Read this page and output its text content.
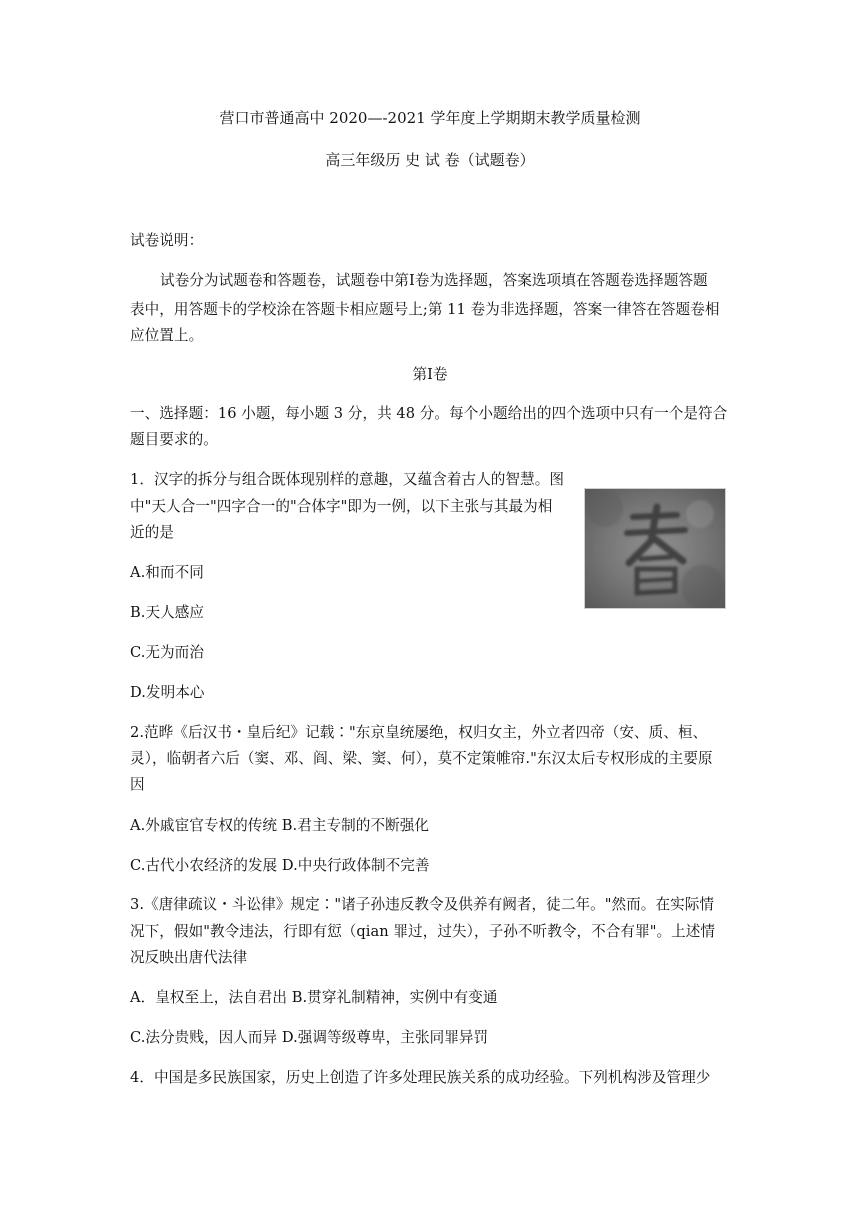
营口市普通高中 2020—-2021 学年度上学期期末教学质量检测
高三年级历 史 试 卷（试题卷）
试卷说明：
试卷分为试题卷和答题卷，试题卷中第Ⅰ卷为选择题，答案选项填在答题卷选择题答题
表中，用答题卡的学校涂在答题卡相应题号上;第 11 卷为非选择题，答案一律答在答题卷相
应位置上。
第Ⅰ卷
一、选择题：16 小题，每小题 3 分，共 48 分。每个小题给出的四个选项中只有一个是符合
题目要求的。
1．汉字的拆分与组合既体现别样的意趣，又蕴含着古人的智慧。图
中"天人合一"四字合一的"合体字"即为一例，以下主张与其最为相
近的是
A.和而不同
B.天人感应
C.无为而治
D.发明本心
2.范晔《后汉书・皇后纪》记载∶"东京皇统屡绝，权归女主，外立者四帝（安、质、桓、
灵），临朝者六后（窦、邓、阎、梁、窦、何），莫不定策帷帘."东汉太后专权形成的主要原
因
A.外戚宦官专权的传统 B.君主专制的不断强化
C.古代小农经济的发展 D.中央行政体制不完善
3.《唐律疏议・斗讼律》规定∶"诸子孙违反教令及供养有阙者，徒二年。"然而。在实际情
况下，假如"教令违法，行即有愆（qian 罪过，过失），子孙不听教令，不合有罪"。上述情
况反映出唐代法律
A．皇权至上，法自君出 B.贯穿礼制精神，实例中有变通
C.法分贵贱，因人而异 D.强调等级尊卑，主张同罪异罚
4．中国是多民族国家，历史上创造了许多处理民族关系的成功经验。下列机构涉及管理少
